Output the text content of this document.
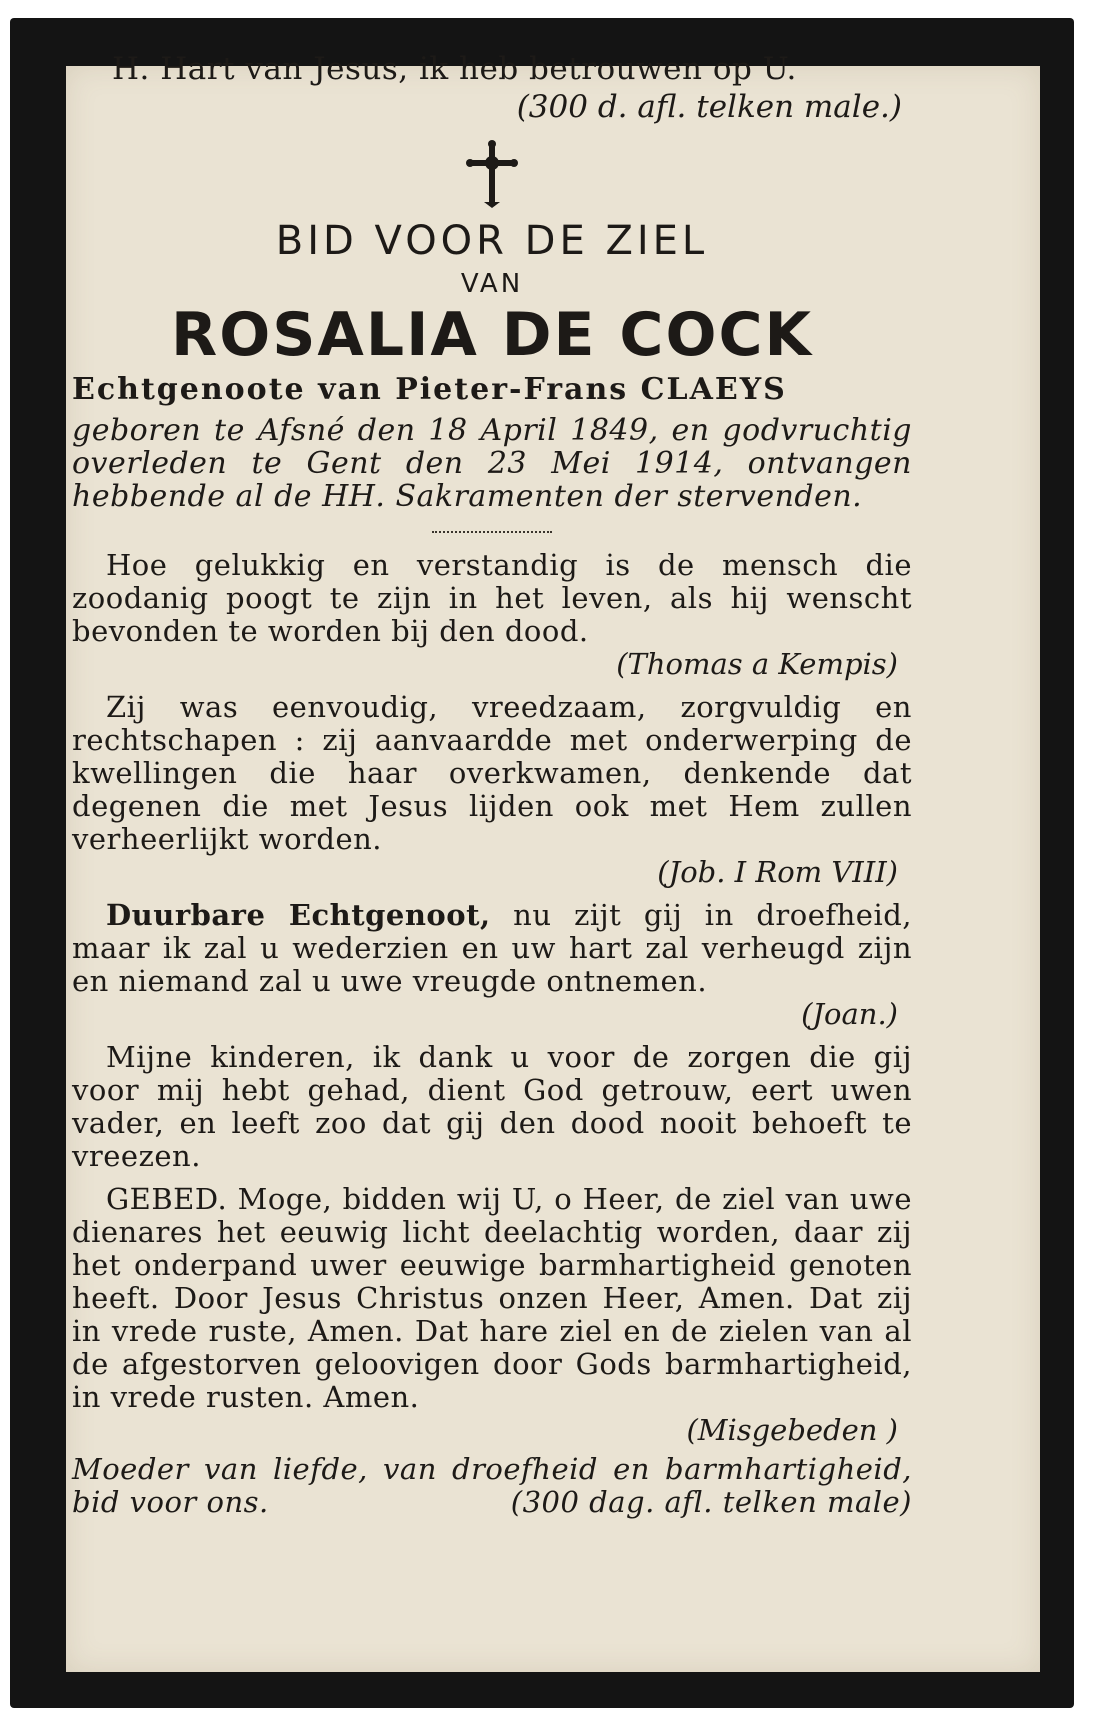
H. Hart van Jesus, ik heb betrouwen op U.
(300 d. afl. telken male.)
BID VOOR DE ZIEL
VAN
ROSALIA DE COCK
Echtgenoote van Pieter-Frans CLAEYS
geboren te Afsné den 18 April 1849, en godvruchtig overleden te Gent den 23 Mei 1914, ontvangen hebbende al de HH. Sakramenten der stervenden.
Hoe gelukkig en verstandig is de mensch die zoodanig poogt te zijn in het leven, als hij wenscht bevonden te worden bij den dood.
(Thomas a Kempis)
Zij was eenvoudig, vreedzaam, zorgvuldig en rechtschapen : zij aanvaardde met onderwerping de kwellingen die haar overkwamen, denkende dat degenen die met Jesus lijden ook met Hem zullen verheerlijkt worden.
(Job. I Rom VIII)
Duurbare Echtgenoot, nu zijt gij in droefheid, maar ik zal u wederzien en uw hart zal verheugd zijn en niemand zal u uwe vreugde ontnemen.
(Joan.)
Mijne kinderen, ik dank u voor de zorgen die gij voor mij hebt gehad, dient God getrouw, eert uwen vader, en leeft zoo dat gij den dood nooit behoeft te vreezen.
GEBED. Moge, bidden wij U, o Heer, de ziel van uwe dienares het eeuwig licht deelachtig worden, daar zij het onderpand uwer eeuwige barmhartigheid genoten heeft. Door Jesus Christus onzen Heer, Amen. Dat zij in vrede ruste, Amen. Dat hare ziel en de zielen van al de afgestorven geloovigen door Gods barmhartigheid, in vrede rusten. Amen.
(Misgebeden )
Moeder van liefde, van droefheid en barmhartigheid, bid voor ons.	(300 dag. afl. telken male)
